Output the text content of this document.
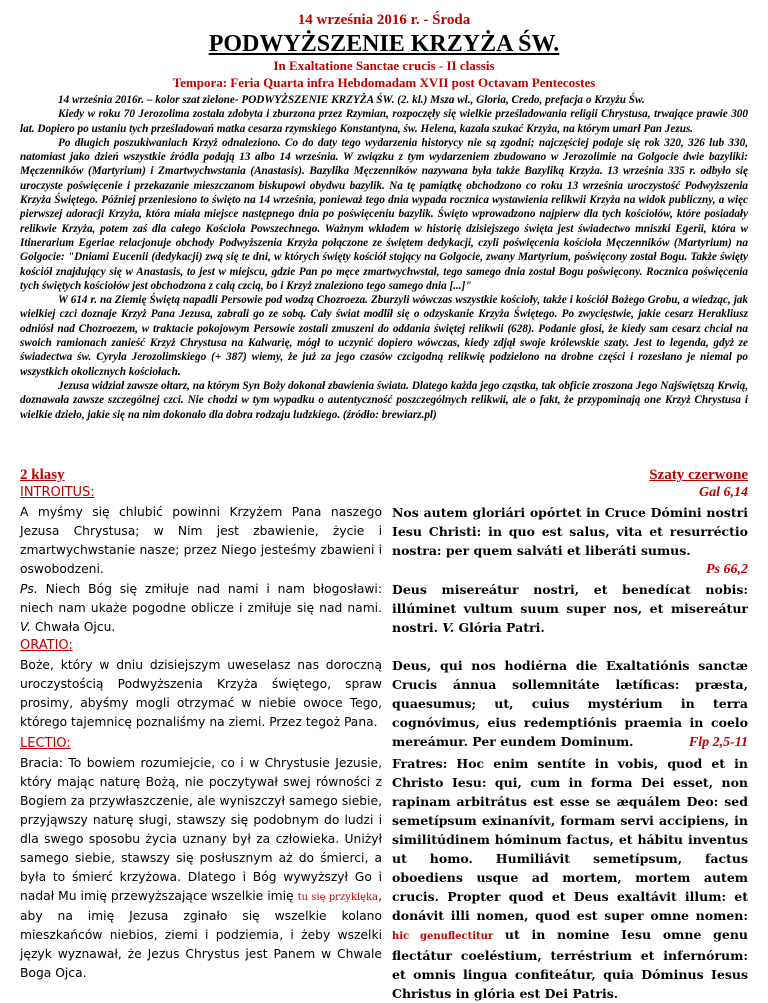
14 września 2016 r. - Środa
PODWYŻSZENIE KRZYŻA ŚW.
In Exaltatione Sanctae crucis - II classis
Tempora: Feria Quarta infra Hebdomadam XVII post Octavam Pentecostes

14 września 2016r. – kolor szat zielone- PODWYŻSZENIE KRZYŻA ŚW. (2. kl.) Msza wł., Gloria, Credo, prefacja o Krzyżu Św.

Kiedy w roku 70 Jerozolima została zdobyta i zburzona przez Rzymian, rozpoczęły się wielkie prześladowania religii Chrystusa, trwające prawie 300 lat. Dopiero po ustaniu tych prześladowań matka cesarza rzymskiego Konstantyna, św. Helena, kazała szukać Krzyża, na którym umarł Pan Jezus.

Po długich poszukiwaniach Krzyż odnaleziono. Co do daty tego wydarzenia historycy nie są zgodni; najczęściej podaje się rok 320, 326 lub 330, natomiast jako dzień wszystkie źródła podają 13 albo 14 września. W związku z tym wydarzeniem zbudowano w Jerozolimie na Golgocie dwie bazyliki: Męczenników (Martyrium) i Zmartwychwstania (Anastasis). Bazylika Męczenników nazywana była także Bazyliką Krzyża. 13 września 335 r. odbyło się uroczyste poświęcenie i przekazanie mieszczanom biskupowi obydwu bazylik. Na tę pamiątkę obchodzono co roku 13 września uroczystość Podwyższenia Krzyża Świętego. Później przeniesiono to święto na 14 września, ponieważ tego dnia wypada rocznica wystawienia relikwii Krzyża na widok publiczny, a więc pierwszej adoracji Krzyża, która miała miejsce następnego dnia po poświęceniu bazylik. Święto wprowadzono najpierw dla tych kościołów, które posiadały relikwie Krzyża, potem zaś dla całego Kościoła Powszechnego. Ważnym wkładem w historię dzisiejszego święta jest świadectwo mniszki Egerii, która w Itinerarium Egeriae relacjonuje obchody Podwyższenia Krzyża połączone ze świętem dedykacji, czyli poświęcenia kościoła Męczenników (Martyrium) na Golgocie: "Dniami Eucenii (dedykacji) zwą się te dni, w których święty kościół stojący na Golgocie, zwany Martyrium, poświęcony został Bogu. Także święty kościół znajdujący się w Anastasis, to jest w miejscu, gdzie Pan po męce zmartwychwstał, tego samego dnia został Bogu poświęcony. Rocznica poświęcenia tych świętych kościołów jest obchodzona z całą czcią, bo i Krzyż znaleziono tego samego dnia [...]"

W 614 r. na Ziemię Świętą napadli Persowie pod wodzą Chozroeza. Zburzyli wówczas wszystkie kościoły, także i kościół Bożego Grobu, a wiedząc, jak wielkiej czci doznaje Krzyż Pana Jezusa, zabrali go ze sobą. Cały świat modlił się o odzyskanie Krzyża Świętego. Po zwycięstwie, jakie cesarz Herakliusz odniósł nad Chozroezem, w traktacie pokojowym Persowie zostali zmuszeni do oddania świętej relikwii (628). Podanie głosi, że kiedy sam cesarz chciał na swoich ramionach zanieść Krzyż Chrystusa na Kalwarię, mógł to uczynić dopiero wówczas, kiedy zdjął swoje królewskie szaty. Jest to legenda, gdyż ze świadectwa św. Cyryla Jerozolimskiego (+ 387) wiemy, że już za jego czasów czcigodną relikwię podzielono na drobne części i rozesłano je niemal po wszystkich okolicznych kościołach.

Jezusa widział zawsze ołtarz, na którym Syn Boży dokonał zbawienia świata. Dlatego każda jego cząstka, tak obficie zroszona Jego Najświętszą Krwią, doznawała zawsze szczególnej czci. Nie chodzi w tym wypadku o autentyczność poszczególnych relikwii, ale o fakt, że przypominają one Krzyż Chrystusa i wielkie dzieło, jakie się na nim dokonało dla dobra rodzaju ludzkiego. (źródło: brewiarz.pl)

2 klasy	Szaty czerwone
INTROITUS:	Gal 6,14
A myśmy się chlubić powinni Krzyżem Pana naszego Jezusa Chrystusa; w Nim jest zbawienie, życie i zmartwychwstanie nasze; przez Niego jesteśmy zbawieni i oswobodzeni.
Nos autem gloriári opórtet in Cruce Dómini nostri Iesu Christi: in quo est salus, vita et resurréctio nostra: per quem salváti et liberáti sumus.
Ps 66,2
Ps. Niech Bóg się zmiłuje nad nami i nam błogosławi: niech nam ukaże pogodne oblicze i zmiłuje się nad nami. V. Chwała Ojcu.
Deus misereátur nostri, et benedícat nobis: illúminet vultum suum super nos, et misereátur nostri. V. Glória Patri.
ORATIO:
Boże, który w dniu dzisiejszym uweselasz nas doroczną uroczystością Podwyższenia Krzyża świętego, spraw prosimy, abyśmy mogli otrzymać w niebie owoce Tego, którego tajemnicę poznaliśmy na ziemi. Przez tegoż Pana.
Deus, qui nos hodiérna die Exaltatiónis sanctæ Crucis ánnua sollemnitáte lætíficas: præsta, quaesumus; ut, cuius mystérium in terra cognóvimus, eius redemptiónis praemia in coelo mereámur. Per eundem Dominum.
LECTIO:	Flp 2,5-11
Bracia: To bowiem rozumiejcie, co i w Chrystusie Jezusie, który mając naturę Bożą, nie poczytywał swej równości z Bogiem za przywłaszczenie, ale wyniszczył samego siebie, przyjąwszy naturę sługi, stawszy się podobnym do ludzi i dla swego sposobu życia uznany był za człowieka. Uniżył samego siebie, stawszy się posłusznym aż do śmierci, a była to śmierć krzyżowa. Dlatego i Bóg wywyższył Go i nadał Mu imię przewyższające wszelkie imię tu się przyklęka, aby na imię Jezusa zginało się wszelkie kolano mieszkańców niebios, ziemi i podziemia, i żeby wszelki język wyznawał, że Jezus Chrystus jest Panem w Chwale Boga Ojca.
Fratres: Hoc enim sentíte in vobis, quod et in Christo Iesu: qui, cum in forma Dei esset, non rapinam arbitrátus est esse se æquálem Deo: sed semetípsum exinanívit, formam servi accipiens, in similitúdinem hóminum factus, et hábitu inventus ut homo. Humiliávit semetípsum, factus oboediens usque ad mortem, mortem autem crucis. Propter quod et Deus exaltávit illum: et donávit illi nomen, quod est super omne nomen: hic genuflectitur ut in nomine Iesu omne genu flectátur coeléstium, terréstrium et infernórum: et omnis lingua confiteátur, quia Dóminus Iesus Christus in glória est Dei Patris.
